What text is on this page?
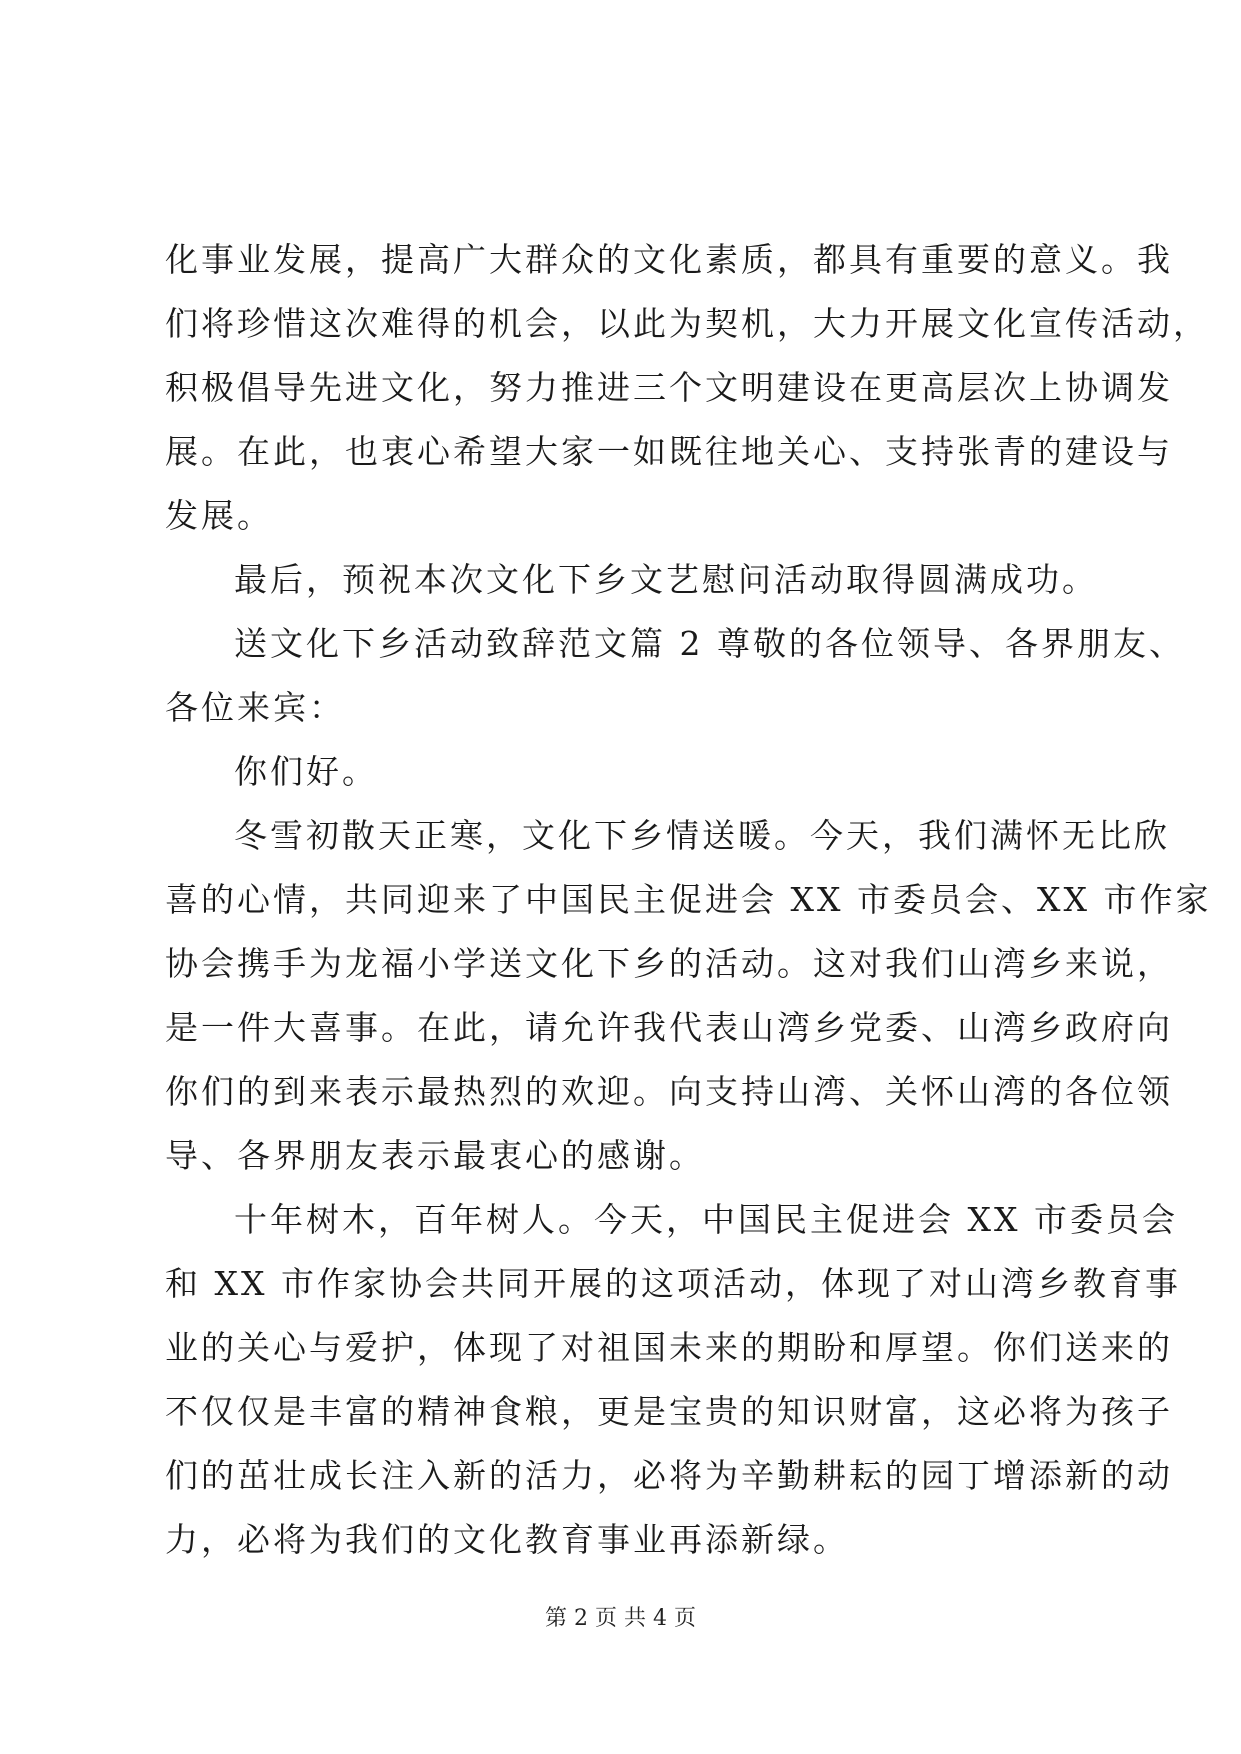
化事业发展，提高广大群众的文化素质，都具有重要的意义。我
们将珍惜这次难得的机会，以此为契机，大力开展文化宣传活动，
积极倡导先进文化，努力推进三个文明建设在更高层次上协调发
展。在此，也衷心希望大家一如既往地关心、支持张青的建设与
发展。
最后，预祝本次文化下乡文艺慰问活动取得圆满成功。
送文化下乡活动致辞范文篇 2 尊敬的各位领导、各界朋友、
各位来宾：
你们好。
冬雪初散天正寒，文化下乡情送暖。今天，我们满怀无比欣
喜的心情，共同迎来了中国民主促进会 XX 市委员会、XX 市作家
协会携手为龙福小学送文化下乡的活动。这对我们山湾乡来说，
是一件大喜事。在此，请允许我代表山湾乡党委、山湾乡政府向
你们的到来表示最热烈的欢迎。向支持山湾、关怀山湾的各位领
导、各界朋友表示最衷心的感谢。
十年树木，百年树人。今天，中国民主促进会 XX 市委员会
和 XX 市作家协会共同开展的这项活动，体现了对山湾乡教育事
业的关心与爱护，体现了对祖国未来的期盼和厚望。你们送来的
不仅仅是丰富的精神食粮，更是宝贵的知识财富，这必将为孩子
们的茁壮成长注入新的活力，必将为辛勤耕耘的园丁增添新的动
力，必将为我们的文化教育事业再添新绿。
第 2 页 共 4 页
